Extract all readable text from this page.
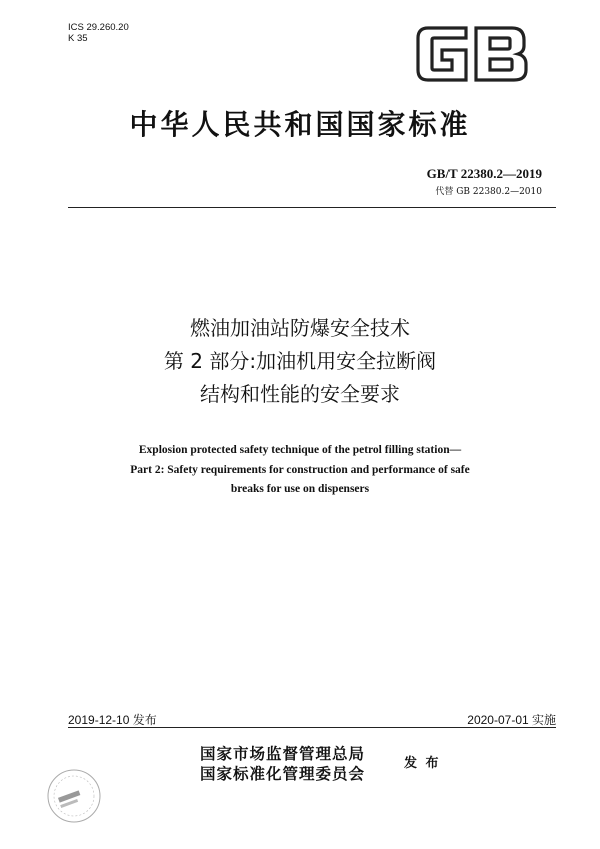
ICS 29.260.20
K 35
中华人民共和国国家标准
GB/T 22380.2—2019
代替 GB 22380.2—2010
燃油加油站防爆安全技术
第 2 部分:加油机用安全拉断阀
结构和性能的安全要求
Explosion protected safety technique of the petrol filling station—
Part 2: Safety requirements for construction and performance of safe
breaks for use on dispensers
2019-12-10 发布	2020-07-01 实施
国家市场监督管理总局
国家标准化管理委员会
发 布
